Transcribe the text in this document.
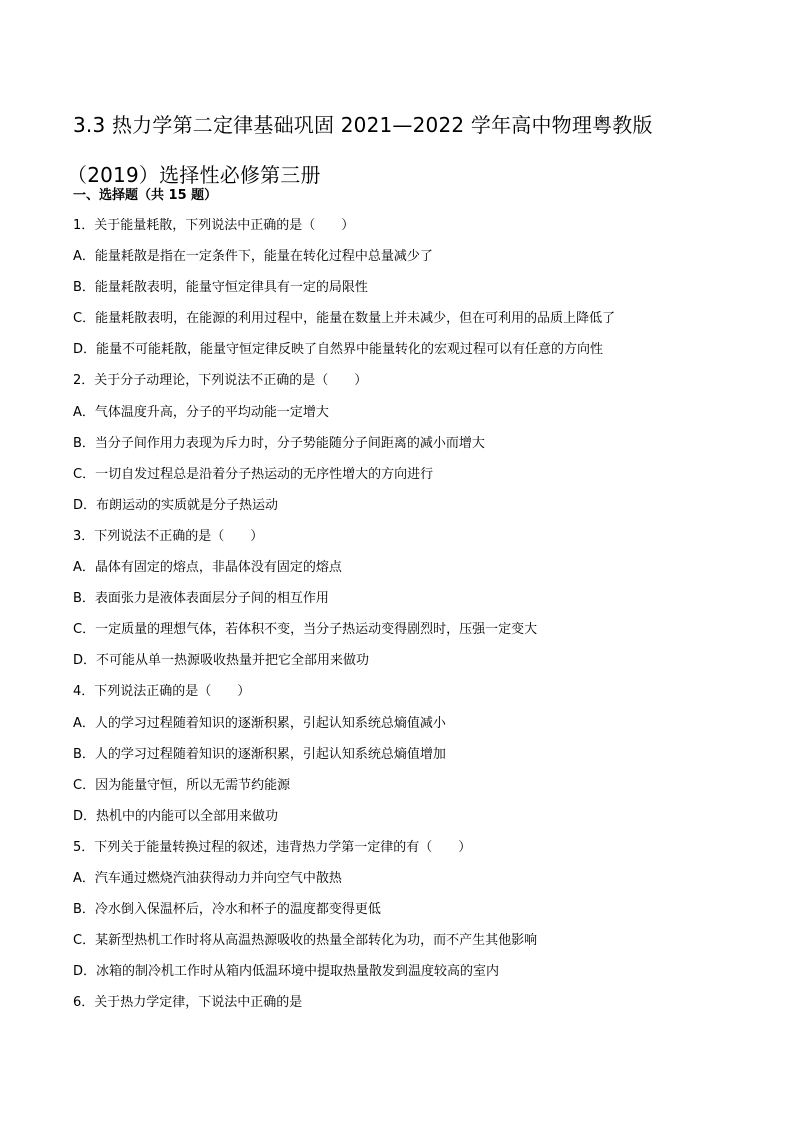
3.3 热力学第二定律基础巩固 2021—2022 学年高中物理粤教版
（2019）选择性必修第三册
一、选择题（共 15 题）
1．关于能量耗散，下列说法中正确的是（　　）
A．能量耗散是指在一定条件下，能量在转化过程中总量减少了
B．能量耗散表明，能量守恒定律具有一定的局限性
C．能量耗散表明，在能源的利用过程中，能量在数量上并未减少，但在可利用的品质上降低了
D．能量不可能耗散，能量守恒定律反映了自然界中能量转化的宏观过程可以有任意的方向性
2．关于分子动理论，下列说法不正确的是（　　）
A．气体温度升高，分子的平均动能一定增大
B．当分子间作用力表现为斥力时，分子势能随分子间距离的减小而增大
C．一切自发过程总是沿着分子热运动的无序性增大的方向进行
D．布朗运动的实质就是分子热运动
3．下列说法不正确的是（　　）
A．晶体有固定的熔点，非晶体没有固定的熔点
B．表面张力是液体表面层分子间的相互作用
C．一定质量的理想气体，若体积不变，当分子热运动变得剧烈时，压强一定变大
D．不可能从单一热源吸收热量并把它全部用来做功
4．下列说法正确的是（　　）
A．人的学习过程随着知识的逐渐积累，引起认知系统总熵值减小
B．人的学习过程随着知识的逐渐积累，引起认知系统总熵值增加
C．因为能量守恒，所以无需节约能源
D．热机中的内能可以全部用来做功
5．下列关于能量转换过程的叙述，违背热力学第一定律的有（　　）
A．汽车通过燃烧汽油获得动力并向空气中散热
B．冷水倒入保温杯后，冷水和杯子的温度都变得更低
C．某新型热机工作时将从高温热源吸收的热量全部转化为功，而不产生其他影响
D．冰箱的制冷机工作时从箱内低温环境中提取热量散发到温度较高的室内
6．关于热力学定律，下说法中正确的是
